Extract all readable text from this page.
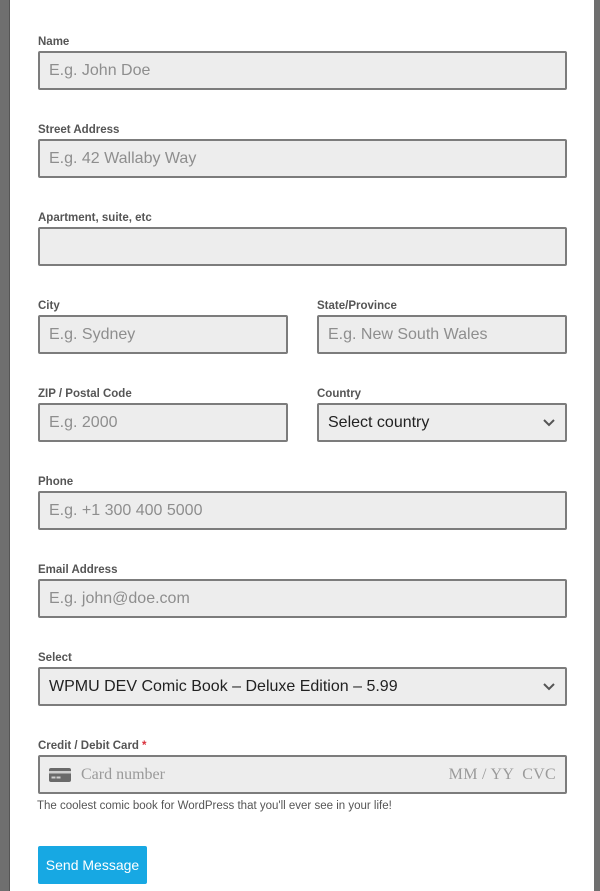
Name
E.g. John Doe
Street Address
E.g. 42 Wallaby Way
Apartment, suite, etc
City
E.g. Sydney
State/Province
E.g. New South Wales
ZIP / Postal Code
E.g. 2000
Country
Select country
Phone
E.g. +1 300 400 5000
Email Address
E.g. john@doe.com
Select
WPMU DEV Comic Book – Deluxe Edition – 5.99
Credit / Debit Card *
Card number	MM / YY CVC
The coolest comic book for WordPress that you'll ever see in your life!
Send Message
